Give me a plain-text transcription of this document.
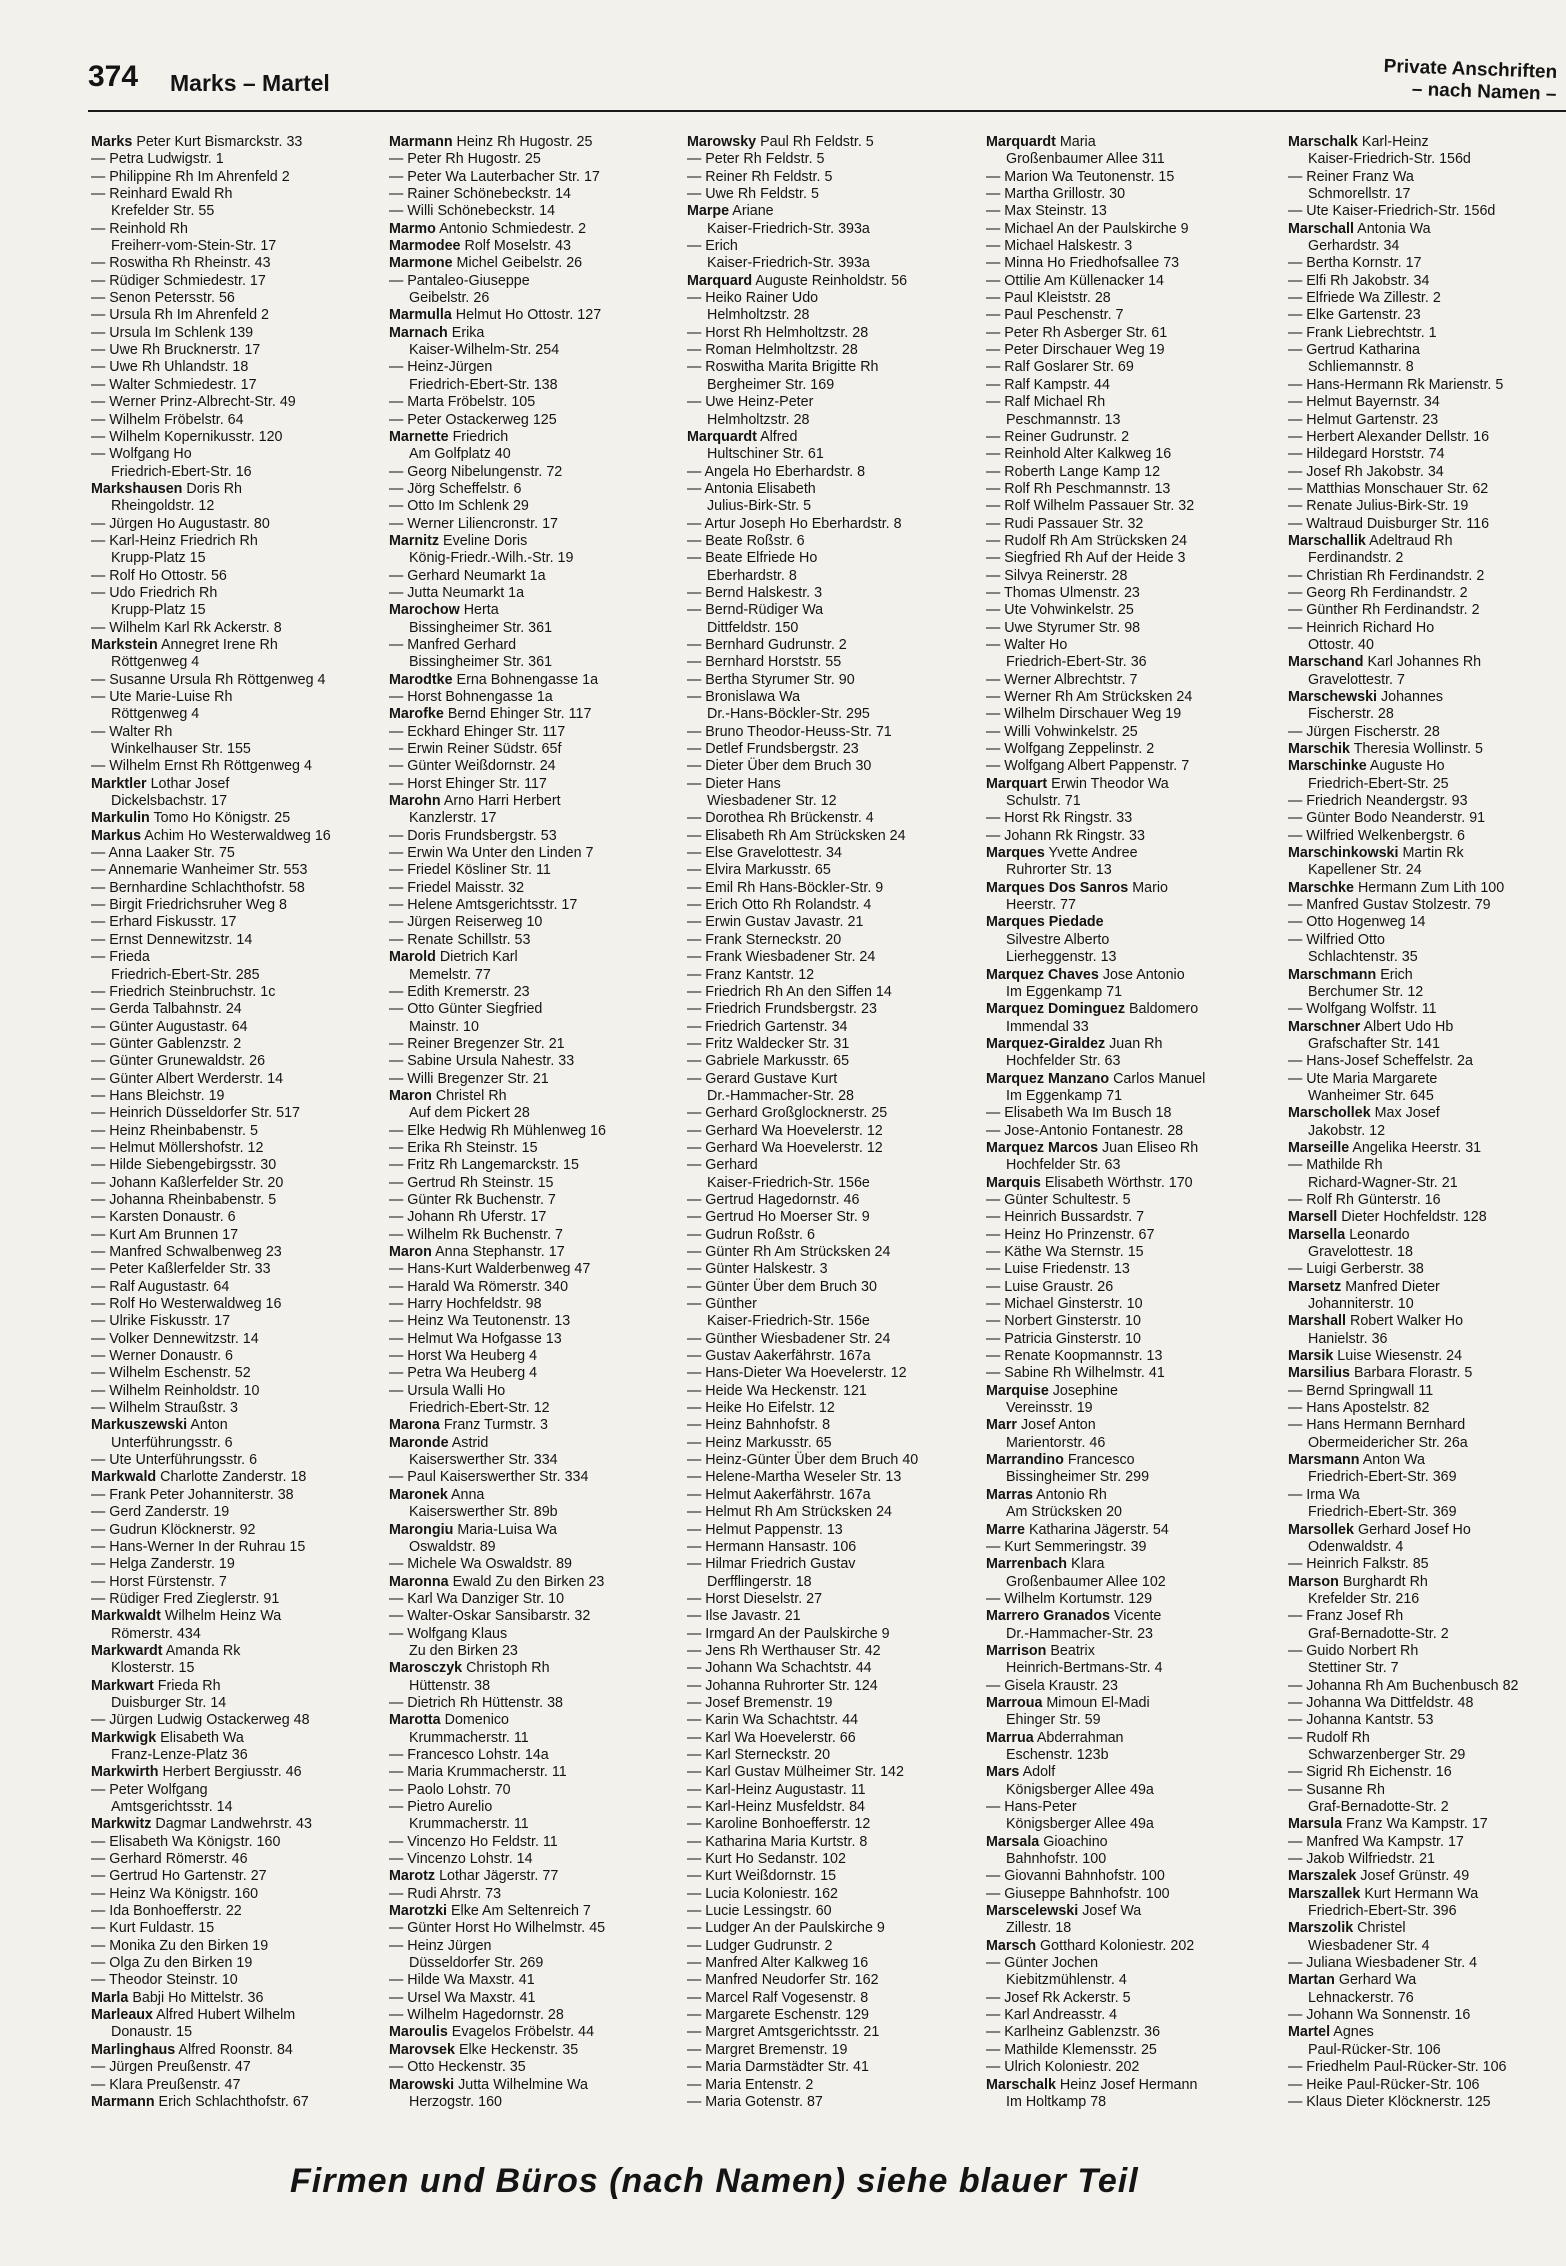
374 Marks – Martel
Private Anschriften
– nach Namen –
Marks Peter Kurt Bismarckstr. 33
— Petra Ludwigstr. 1
— Philippine Rh Im Ahrenfeld 2
— Reinhard Ewald Rh
Krefelder Str. 55
— Reinhold Rh
Freiherr-vom-Stein-Str. 17
— Roswitha Rh Rheinstr. 43
— Rüdiger Schmiedestr. 17
— Senon Petersstr. 56
— Ursula Rh Im Ahrenfeld 2
— Ursula Im Schlenk 139
— Uwe Rh Brucknerstr. 17
— Uwe Rh Uhlandstr. 18
— Walter Schmiedestr. 17
— Werner Prinz-Albrecht-Str. 49
— Wilhelm Fröbelstr. 64
— Wilhelm Kopernikusstr. 120
— Wolfgang Ho
Friedrich-Ebert-Str. 16
Markshausen Doris Rh
Rheingoldstr. 12
— Jürgen Ho Augustastr. 80
— Karl-Heinz Friedrich Rh
Krupp-Platz 15
— Rolf Ho Ottostr. 56
— Udo Friedrich Rh
Krupp-Platz 15
— Wilhelm Karl Rk Ackerstr. 8
Markstein Annegret Irene Rh
Röttgenweg 4
— Susanne Ursula Rh Röttgenweg 4
— Ute Marie-Luise Rh
Röttgenweg 4
— Walter Rh
Winkelhauser Str. 155
— Wilhelm Ernst Rh Röttgenweg 4
Marktler Lothar Josef
Dickelsbachstr. 17
Markulin Tomo Ho Königstr. 25
Markus Achim Ho Westerwaldweg 16
— Anna Laaker Str. 75
— Annemarie Wanheimer Str. 553
— Bernhardine Schlachthofstr. 58
— Birgit Friedrichsruher Weg 8
— Erhard Fiskusstr. 17
— Ernst Dennewitzstr. 14
— Frieda
Friedrich-Ebert-Str. 285
— Friedrich Steinbruchstr. 1c
— Gerda Talbahnstr. 24
— Günter Augustastr. 64
— Günter Gablenzstr. 2
— Günter Grunewaldstr. 26
— Günter Albert Werderstr. 14
— Hans Bleichstr. 19
— Heinrich Düsseldorfer Str. 517
— Heinz Rheinbabenstr. 5
— Helmut Möllershofstr. 12
— Hilde Siebengebirgsstr. 30
— Johann Kaßlerfelder Str. 20
— Johanna Rheinbabenstr. 5
— Karsten Donaustr. 6
— Kurt Am Brunnen 17
— Manfred Schwalbenweg 23
— Peter Kaßlerfelder Str. 33
— Ralf Augustastr. 64
— Rolf Ho Westerwaldweg 16
— Ulrike Fiskusstr. 17
— Volker Dennewitzstr. 14
— Werner Donaustr. 6
— Wilhelm Eschenstr. 52
— Wilhelm Reinholdstr. 10
— Wilhelm Straußstr. 3
Markuszewski Anton
Unterführungsstr. 6
— Ute Unterführungsstr. 6
Markwald Charlotte Zanderstr. 18
— Frank Peter Johanniterstr. 38
— Gerd Zanderstr. 19
— Gudrun Klöcknerstr. 92
— Hans-Werner In der Ruhrau 15
— Helga Zanderstr. 19
— Horst Fürstenstr. 7
— Rüdiger Fred Zieglerstr. 91
Markwaldt Wilhelm Heinz Wa
Römerstr. 434
Markwardt Amanda Rk
Klosterstr. 15
Markwart Frieda Rh
Duisburger Str. 14
— Jürgen Ludwig Ostackerweg 48
Markwigk Elisabeth Wa
Franz-Lenze-Platz 36
Markwirth Herbert Bergiusstr. 46
— Peter Wolfgang
Amtsgerichtsstr. 14
Markwitz Dagmar Landwehrstr. 43
— Elisabeth Wa Königstr. 160
— Gerhard Römerstr. 46
— Gertrud Ho Gartenstr. 27
— Heinz Wa Königstr. 160
— Ida Bonhoefferstr. 22
— Kurt Fuldastr. 15
— Monika Zu den Birken 19
— Olga Zu den Birken 19
— Theodor Steinstr. 10
Marla Babji Ho Mittelstr. 36
Marleaux Alfred Hubert Wilhelm
Donaustr. 15
Marlinghaus Alfred Roonstr. 84
— Jürgen Preußenstr. 47
— Klara Preußenstr. 47
Marmann Erich Schlachthofstr. 67
Marmann Heinz Rh Hugostr. 25
— Peter Rh Hugostr. 25
— Peter Wa Lauterbacher Str. 17
— Rainer Schönebeckstr. 14
— Willi Schönebeckstr. 14
Marmo Antonio Schmiedestr. 2
Marmodee Rolf Moselstr. 43
Marmone Michel Geibelstr. 26
— Pantaleo-Giuseppe
Geibelstr. 26
Marmulla Helmut Ho Ottostr. 127
Marnach Erika
Kaiser-Wilhelm-Str. 254
— Heinz-Jürgen
Friedrich-Ebert-Str. 138
— Marta Fröbelstr. 105
— Peter Ostackerweg 125
Marnette Friedrich
Am Golfplatz 40
— Georg Nibelungenstr. 72
— Jörg Scheffelstr. 6
— Otto Im Schlenk 29
— Werner Liliencronstr. 17
Marnitz Eveline Doris
König-Friedr.-Wilh.-Str. 19
— Gerhard Neumarkt 1a
— Jutta Neumarkt 1a
Marochow Herta
Bissingheimer Str. 361
— Manfred Gerhard
Bissingheimer Str. 361
Marodtke Erna Bohnengasse 1a
— Horst Bohnengasse 1a
Marofke Bernd Ehinger Str. 117
— Eckhard Ehinger Str. 117
— Erwin Reiner Südstr. 65f
— Günter Weißdornstr. 24
— Horst Ehinger Str. 117
Marohn Arno Harri Herbert
Kanzlerstr. 17
— Doris Frundsbergstr. 53
— Erwin Wa Unter den Linden 7
— Friedel Kösliner Str. 11
— Friedel Maisstr. 32
— Helene Amtsgerichtsstr. 17
— Jürgen Reiserweg 10
— Renate Schillstr. 53
Marold Dietrich Karl
Memelstr. 77
— Edith Kremerstr. 23
— Otto Günter Siegfried
Mainstr. 10
— Reiner Bregenzer Str. 21
— Sabine Ursula Nahestr. 33
— Willi Bregenzer Str. 21
Maron Christel Rh
Auf dem Pickert 28
— Elke Hedwig Rh Mühlenweg 16
— Erika Rh Steinstr. 15
— Fritz Rh Langemarckstr. 15
— Gertrud Rh Steinstr. 15
— Günter Rk Buchenstr. 7
— Johann Rh Uferstr. 17
— Wilhelm Rk Buchenstr. 7
Maron Anna Stephanstr. 17
— Hans-Kurt Walderbenweg 47
— Harald Wa Römerstr. 340
— Harry Hochfeldstr. 98
— Heinz Wa Teutonenstr. 13
— Helmut Wa Hofgasse 13
— Horst Wa Heuberg 4
— Petra Wa Heuberg 4
— Ursula Walli Ho
Friedrich-Ebert-Str. 12
Marona Franz Turmstr. 3
Maronde Astrid
Kaiserswerther Str. 334
— Paul Kaiserswerther Str. 334
Maronek Anna
Kaiserswerther Str. 89b
Marongiu Maria-Luisa Wa
Oswaldstr. 89
— Michele Wa Oswaldstr. 89
Maronna Ewald Zu den Birken 23
— Karl Wa Danziger Str. 10
— Walter-Oskar Sansibarstr. 32
— Wolfgang Klaus
Zu den Birken 23
Marosczyk Christoph Rh
Hüttenstr. 38
— Dietrich Rh Hüttenstr. 38
Marotta Domenico
Krummacherstr. 11
— Francesco Lohstr. 14a
— Maria Krummacherstr. 11
— Paolo Lohstr. 70
— Pietro Aurelio
Krummacherstr. 11
— Vincenzo Ho Feldstr. 11
— Vincenzo Lohstr. 14
Marotz Lothar Jägerstr. 77
— Rudi Ahrstr. 73
Marotzki Elke Am Seltenreich 7
— Günter Horst Ho Wilhelmstr. 45
— Heinz Jürgen
Düsseldorfer Str. 269
— Hilde Wa Maxstr. 41
— Ursel Wa Maxstr. 41
— Wilhelm Hagedornstr. 28
Maroulis Evagelos Fröbelstr. 44
Marovsek Elke Heckenstr. 35
— Otto Heckenstr. 35
Marowski Jutta Wilhelmine Wa
Herzogstr. 160
Marowsky Paul Rh Feldstr. 5
— Peter Rh Feldstr. 5
— Reiner Rh Feldstr. 5
— Uwe Rh Feldstr. 5
Marpe Ariane
Kaiser-Friedrich-Str. 393a
— Erich
Kaiser-Friedrich-Str. 393a
Marquard Auguste Reinholdstr. 56
— Heiko Rainer Udo
Helmholtzstr. 28
— Horst Rh Helmholtzstr. 28
— Roman Helmholtzstr. 28
— Roswitha Marita Brigitte Rh
Bergheimer Str. 169
— Uwe Heinz-Peter
Helmholtzstr. 28
Marquardt Alfred
Hultschiner Str. 61
— Angela Ho Eberhardstr. 8
— Antonia Elisabeth
Julius-Birk-Str. 5
— Artur Joseph Ho Eberhardstr. 8
— Beate Roßstr. 6
— Beate Elfriede Ho
Eberhardstr. 8
— Bernd Halskestr. 3
— Bernd-Rüdiger Wa
Dittfeldstr. 150
— Bernhard Gudrunstr. 2
— Bernhard Horststr. 55
— Bertha Styrumer Str. 90
— Bronislawa Wa
Dr.-Hans-Böckler-Str. 295
— Bruno Theodor-Heuss-Str. 71
— Detlef Frundsbergstr. 23
— Dieter Über dem Bruch 30
— Dieter Hans
Wiesbadener Str. 12
— Dorothea Rh Brückenstr. 4
— Elisabeth Rh Am Strücksken 24
— Else Gravelottestr. 34
— Elvira Markusstr. 65
— Emil Rh Hans-Böckler-Str. 9
— Erich Otto Rh Rolandstr. 4
— Erwin Gustav Javastr. 21
— Frank Sterneckstr. 20
— Frank Wiesbadener Str. 24
— Franz Kantstr. 12
— Friedrich Rh An den Siffen 14
— Friedrich Frundsbergstr. 23
— Friedrich Gartenstr. 34
— Fritz Waldecker Str. 31
— Gabriele Markusstr. 65
— Gerard Gustave Kurt
Dr.-Hammacher-Str. 28
— Gerhard Großglocknerstr. 25
— Gerhard Wa Hoevelerstr. 12
— Gerhard Wa Hoevelerstr. 12
— Gerhard
Kaiser-Friedrich-Str. 156e
— Gertrud Hagedornstr. 46
— Gertrud Ho Moerser Str. 9
— Gudrun Roßstr. 6
— Günter Rh Am Strücksken 24
— Günter Halskestr. 3
— Günter Über dem Bruch 30
— Günther
Kaiser-Friedrich-Str. 156e
— Günther Wiesbadener Str. 24
— Gustav Aakerfährstr. 167a
— Hans-Dieter Wa Hoevelerstr. 12
— Heide Wa Heckenstr. 121
— Heike Ho Eifelstr. 12
— Heinz Bahnhofstr. 8
— Heinz Markusstr. 65
— Heinz-Günter Über dem Bruch 40
— Helene-Martha Weseler Str. 13
— Helmut Aakerfährstr. 167a
— Helmut Rh Am Strücksken 24
— Helmut Pappenstr. 13
— Hermann Hansastr. 106
— Hilmar Friedrich Gustav
Derfflingerstr. 18
— Horst Dieselstr. 27
— Ilse Javastr. 21
— Irmgard An der Paulskirche 9
— Jens Rh Werthauser Str. 42
— Johann Wa Schachtstr. 44
— Johanna Ruhrorter Str. 124
— Josef Bremenstr. 19
— Karin Wa Schachtstr. 44
— Karl Wa Hoevelerstr. 66
— Karl Sterneckstr. 20
— Karl Gustav Mülheimer Str. 142
— Karl-Heinz Augustastr. 11
— Karl-Heinz Musfeldstr. 84
— Karoline Bonhoefferstr. 12
— Katharina Maria Kurtstr. 8
— Kurt Ho Sedanstr. 102
— Kurt Weißdornstr. 15
— Lucia Koloniestr. 162
— Lucie Lessingstr. 60
— Ludger An der Paulskirche 9
— Ludger Gudrunstr. 2
— Manfred Alter Kalkweg 16
— Manfred Neudorfer Str. 162
— Marcel Ralf Vogesenstr. 8
— Margarete Eschenstr. 129
— Margret Amtsgerichtsstr. 21
— Margret Bremenstr. 19
— Maria Darmstädter Str. 41
— Maria Entenstr. 2
— Maria Gotenstr. 87
Marquardt Maria
Großenbaumer Allee 311
— Marion Wa Teutonenstr. 15
— Martha Grillostr. 30
— Max Steinstr. 13
— Michael An der Paulskirche 9
— Michael Halskestr. 3
— Minna Ho Friedhofsallee 73
— Ottilie Am Küllenacker 14
— Paul Kleiststr. 28
— Paul Peschenstr. 7
— Peter Rh Asberger Str. 61
— Peter Dirschauer Weg 19
— Ralf Goslarer Str. 69
— Ralf Kampstr. 44
— Ralf Michael Rh
Peschmannstr. 13
— Reiner Gudrunstr. 2
— Reinhold Alter Kalkweg 16
— Roberth Lange Kamp 12
— Rolf Rh Peschmannstr. 13
— Rolf Wilhelm Passauer Str. 32
— Rudi Passauer Str. 32
— Rudolf Rh Am Strücksken 24
— Siegfried Rh Auf der Heide 3
— Silvya Reinerstr. 28
— Thomas Ulmenstr. 23
— Ute Vohwinkelstr. 25
— Uwe Styrumer Str. 98
— Walter Ho
Friedrich-Ebert-Str. 36
— Werner Albrechtstr. 7
— Werner Rh Am Strücksken 24
— Wilhelm Dirschauer Weg 19
— Willi Vohwinkelstr. 25
— Wolfgang Zeppelinstr. 2
— Wolfgang Albert Pappenstr. 7
Marquart Erwin Theodor Wa
Schulstr. 71
— Horst Rk Ringstr. 33
— Johann Rk Ringstr. 33
Marques Yvette Andree
Ruhrorter Str. 13
Marques Dos Sanros Mario
Heerstr. 77
Marques Piedade
Silvestre Alberto
Lierheggenstr. 13
Marquez Chaves Jose Antonio
Im Eggenkamp 71
Marquez Dominguez Baldomero
Immendal 33
Marquez-Giraldez Juan Rh
Hochfelder Str. 63
Marquez Manzano Carlos Manuel
Im Eggenkamp 71
— Elisabeth Wa Im Busch 18
— Jose-Antonio Fontanestr. 28
Marquez Marcos Juan Eliseo Rh
Hochfelder Str. 63
Marquis Elisabeth Wörthstr. 170
— Günter Schultestr. 5
— Heinrich Bussardstr. 7
— Heinz Ho Prinzenstr. 67
— Käthe Wa Sternstr. 15
— Luise Friedenstr. 13
— Luise Graustr. 26
— Michael Ginsterstr. 10
— Norbert Ginsterstr. 10
— Patricia Ginsterstr. 10
— Renate Koopmannstr. 13
— Sabine Rh Wilhelmstr. 41
Marquise Josephine
Vereinsstr. 19
Marr Josef Anton
Marientorstr. 46
Marrandino Francesco
Bissingheimer Str. 299
Marras Antonio Rh
Am Strücksken 20
Marre Katharina Jägerstr. 54
— Kurt Semmeringstr. 39
Marrenbach Klara
Großenbaumer Allee 102
— Wilhelm Kortumstr. 129
Marrero Granados Vicente
Dr.-Hammacher-Str. 23
Marrison Beatrix
Heinrich-Bertmans-Str. 4
— Gisela Kraustr. 23
Marroua Mimoun El-Madi
Ehinger Str. 59
Marrua Abderrahman
Eschenstr. 123b
Mars Adolf
Königsberger Allee 49a
— Hans-Peter
Königsberger Allee 49a
Marsala Gioachino
Bahnhofstr. 100
— Giovanni Bahnhofstr. 100
— Giuseppe Bahnhofstr. 100
Marscelewski Josef Wa
Zillestr. 18
Marsch Gotthard Koloniestr. 202
— Günter Jochen
Kiebitzmühlenstr. 4
— Josef Rk Ackerstr. 5
— Karl Andreasstr. 4
— Karlheinz Gablenzstr. 36
— Mathilde Klemensstr. 25
— Ulrich Koloniestr. 202
Marschalk Heinz Josef Hermann
Im Holtkamp 78
Marschalk Karl-Heinz
Kaiser-Friedrich-Str. 156d
— Reiner Franz Wa
Schmorellstr. 17
— Ute Kaiser-Friedrich-Str. 156d
Marschall Antonia Wa
Gerhardstr. 34
— Bertha Kornstr. 17
— Elfi Rh Jakobstr. 34
— Elfriede Wa Zillestr. 2
— Elke Gartenstr. 23
— Frank Liebrechtstr. 1
— Gertrud Katharina
Schliemannstr. 8
— Hans-Hermann Rk Marienstr. 5
— Helmut Bayernstr. 34
— Helmut Gartenstr. 23
— Herbert Alexander Dellstr. 16
— Hildegard Horststr. 74
— Josef Rh Jakobstr. 34
— Matthias Monschauer Str. 62
— Renate Julius-Birk-Str. 19
— Waltraud Duisburger Str. 116
Marschallik Adeltraud Rh
Ferdinandstr. 2
— Christian Rh Ferdinandstr. 2
— Georg Rh Ferdinandstr. 2
— Günther Rh Ferdinandstr. 2
— Heinrich Richard Ho
Ottostr. 40
Marschand Karl Johannes Rh
Gravelottestr. 7
Marschewski Johannes
Fischerstr. 28
— Jürgen Fischerstr. 28
Marschik Theresia Wollinstr. 5
Marschinke Auguste Ho
Friedrich-Ebert-Str. 25
— Friedrich Neandergstr. 93
— Günter Bodo Neanderstr. 91
— Wilfried Welkenbergstr. 6
Marschinkowski Martin Rk
Kapellener Str. 24
Marschke Hermann Zum Lith 100
— Manfred Gustav Stolzestr. 79
— Otto Hogenweg 14
— Wilfried Otto
Schlachtenstr. 35
Marschmann Erich
Berchumer Str. 12
— Wolfgang Wolfstr. 11
Marschner Albert Udo Hb
Grafschafter Str. 141
— Hans-Josef Scheffelstr. 2a
— Ute Maria Margarete
Wanheimer Str. 645
Marschollek Max Josef
Jakobstr. 12
Marseille Angelika Heerstr. 31
— Mathilde Rh
Richard-Wagner-Str. 21
— Rolf Rh Günterstr. 16
Marsell Dieter Hochfeldstr. 128
Marsella Leonardo
Gravelottestr. 18
— Luigi Gerberstr. 38
Marsetz Manfred Dieter
Johanniterstr. 10
Marshall Robert Walker Ho
Hanielstr. 36
Marsik Luise Wiesenstr. 24
Marsilius Barbara Florastr. 5
— Bernd Springwall 11
— Hans Apostelstr. 82
— Hans Hermann Bernhard
Obermeidericher Str. 26a
Marsmann Anton Wa
Friedrich-Ebert-Str. 369
— Irma Wa
Friedrich-Ebert-Str. 369
Marsollek Gerhard Josef Ho
Odenwaldstr. 4
— Heinrich Falkstr. 85
Marson Burghardt Rh
Krefelder Str. 216
— Franz Josef Rh
Graf-Bernadotte-Str. 2
— Guido Norbert Rh
Stettiner Str. 7
— Johanna Rh Am Buchenbusch 82
— Johanna Wa Dittfeldstr. 48
— Johanna Kantstr. 53
— Rudolf Rh
Schwarzenberger Str. 29
— Sigrid Rh Eichenstr. 16
— Susanne Rh
Graf-Bernadotte-Str. 2
Marsula Franz Wa Kampstr. 17
— Manfred Wa Kampstr. 17
— Jakob Wilfriedstr. 21
Marszalek Josef Grünstr. 49
Marszallek Kurt Hermann Wa
Friedrich-Ebert-Str. 396
Marszolik Christel
Wiesbadener Str. 4
— Juliana Wiesbadener Str. 4
Martan Gerhard Wa
Lehnackerstr. 76
— Johann Wa Sonnenstr. 16
Martel Agnes
Paul-Rücker-Str. 106
— Friedhelm Paul-Rücker-Str. 106
— Heike Paul-Rücker-Str. 106
— Klaus Dieter Klöcknerstr. 125
Firmen und Büros (nach Namen) siehe blauer Teil
